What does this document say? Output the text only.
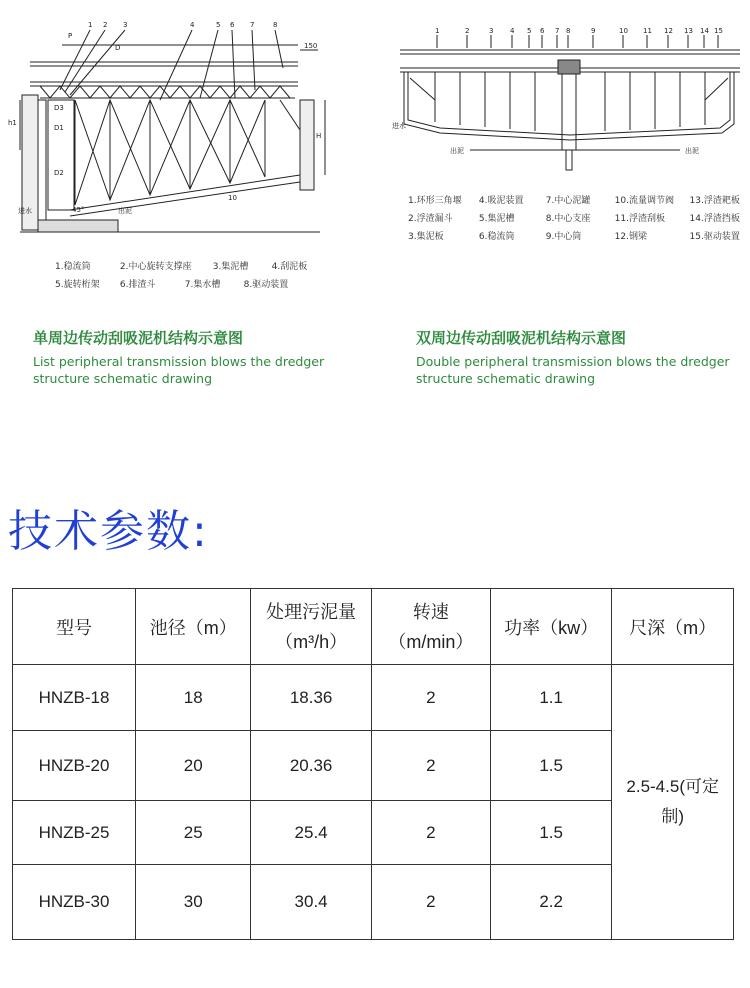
1 2 3	4	5 6 7	8
P
D
D1
H
h1
D2
D3
进水	出泥
150
10
45°
1.稳流筒	2.中心旋转支撑座 3.集泥槽	4.刮泥板
5.旋转桁架 6.排渣斗	7.集水槽	8.驱动装置
单周边传动刮吸泥机结构示意图
List peripheral transmission blows the dredger structure schematic drawing
1	2	3 4 5 6 7 8	9	10 11 12 13 14 15
进水
出泥	出泥
1.环形三角堰 4.吸泥装置 7.中心泥罐	10.流量调节阀 13.浮渣耙板
2.浮渣漏斗	5.集泥槽	8.中心支座	11.浮渣刮板	14.浮渣挡板
3.集泥板	6.稳流筒	9.中心筒	12.钢梁	15.驱动装置
双周边传动刮吸泥机结构示意图
Double peripheral transmission blows the dredger structure schematic drawing
技术参数:
型号	池径（m）	处理污泥量
（m³/h）	转速
（m/min）	功率（kw）	尺深（m）
HNZB-18	18	18.36	2	1.1	2.5-4.5(可定制)
HNZB-20	20	20.36	2	1.5	
HNZB-25	25	25.4	2	1.5	
HNZB-30	30	30.4	2	2.2	
